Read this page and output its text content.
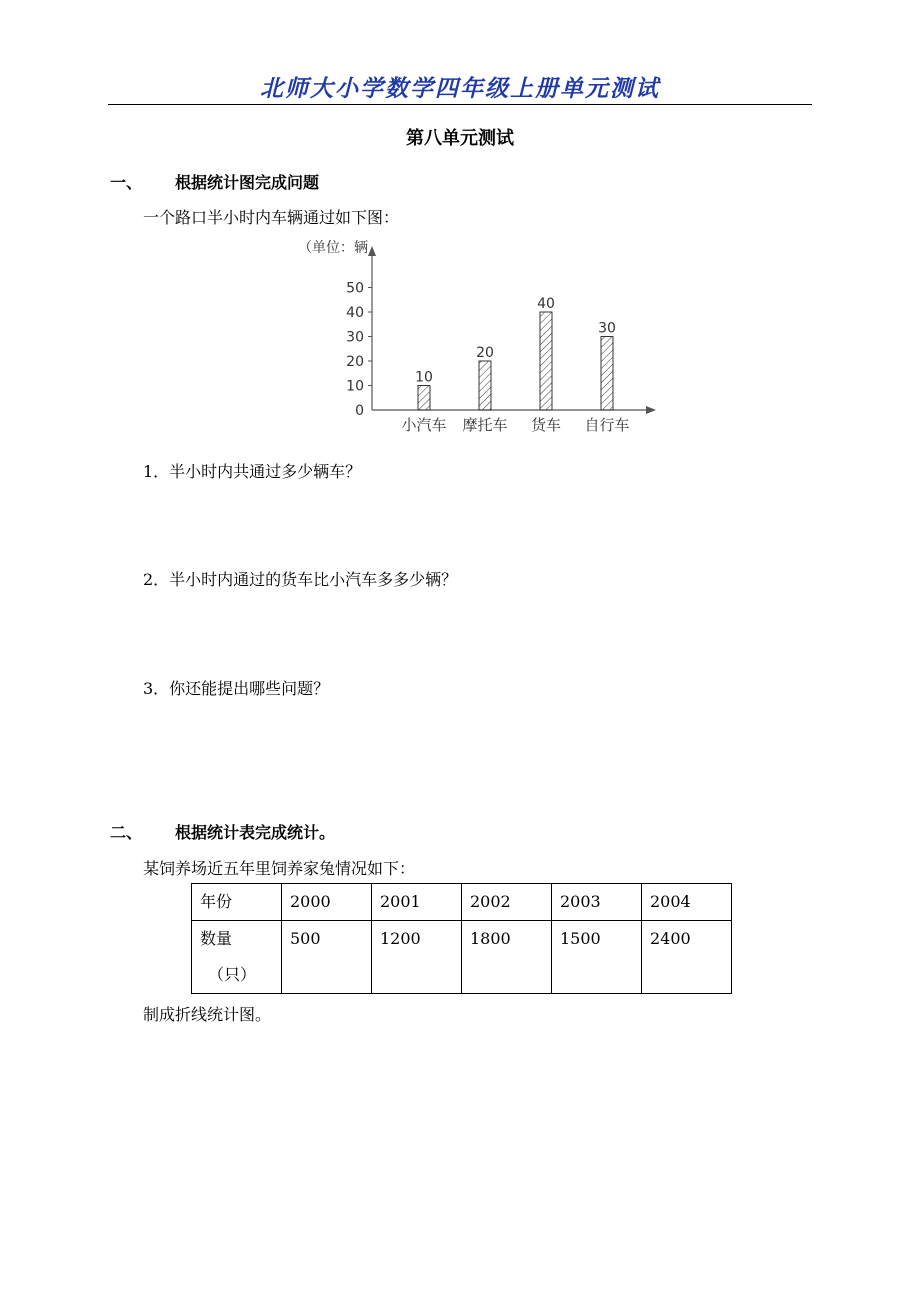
北师大小学数学四年级上册单元测试
第八单元测试
一、 根据统计图完成问题
一个路口半小时内车辆通过如下图：
（单位：辆
0
10
20
30
40
50
10
20
40
30
小汽车 摩托车 货车 自行车
1．半小时内共通过多少辆车？
2．半小时内通过的货车比小汽车多多少辆？
3．你还能提出哪些问题？
二、 根据统计表完成统计。
某饲养场近五年里饲养家兔情况如下：
年份	2000	2001	2002	2003	2004
数量
（只）	500	1200	1800	1500	2400
制成折线统计图。
